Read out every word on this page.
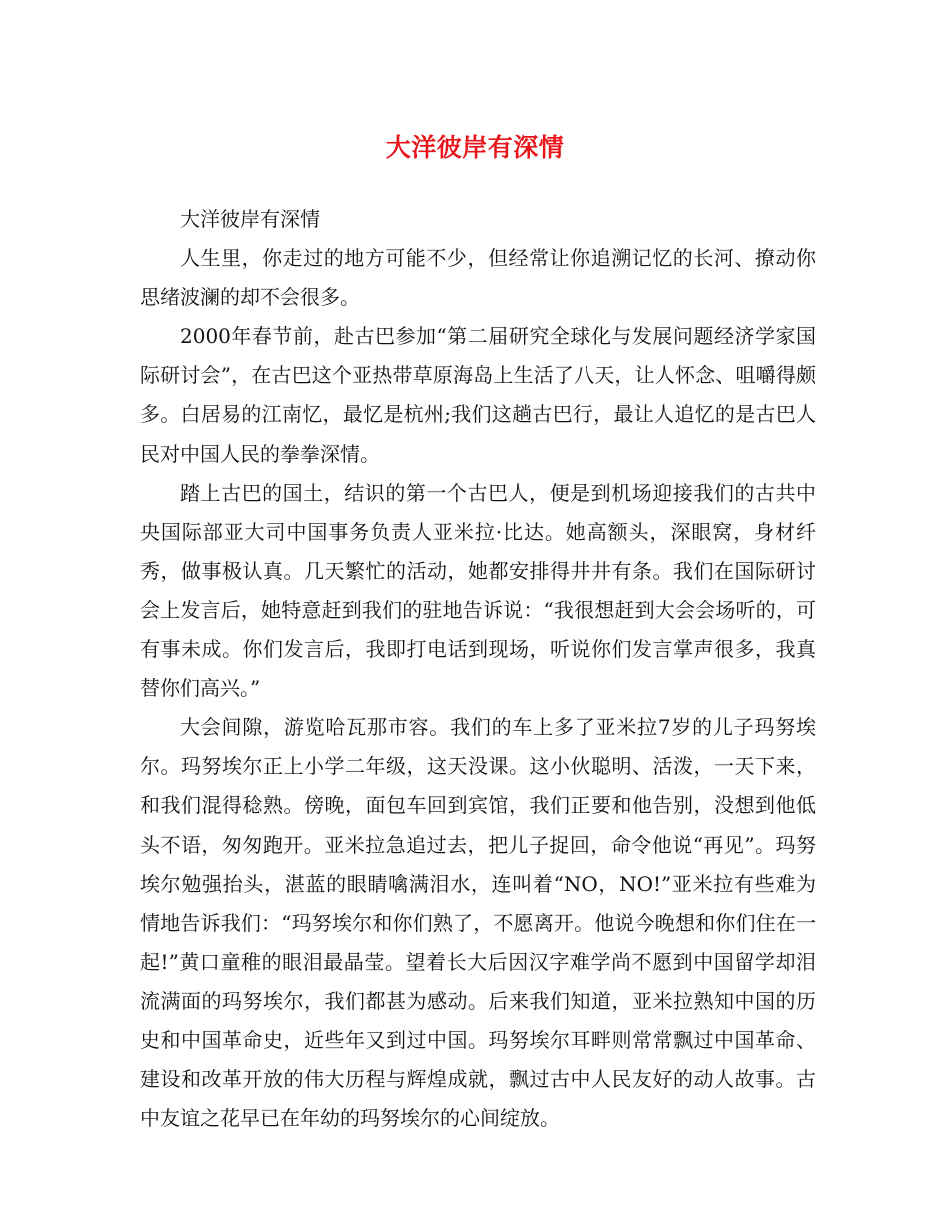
大洋彼岸有深情

大洋彼岸有深情

人生里，你走过的地方可能不少，但经常让你追溯记忆的长河、撩动你思绪波澜的却不会很多。

2000年春节前，赴古巴参加“第二届研究全球化与发展问题经济学家国际研讨会”，在古巴这个亚热带草原海岛上生活了八天，让人怀念、咀嚼得颇多。白居易的江南忆，最忆是杭州;我们这趟古巴行，最让人追忆的是古巴人民对中国人民的拳拳深情。

踏上古巴的国土，结识的第一个古巴人，便是到机场迎接我们的古共中央国际部亚大司中国事务负责人亚米拉·比达。她高额头，深眼窝，身材纤秀，做事极认真。几天繁忙的活动，她都安排得井井有条。我们在国际研讨会上发言后，她特意赶到我们的驻地告诉说：“我很想赶到大会会场听的，可有事未成。你们发言后，我即打电话到现场，听说你们发言掌声很多，我真替你们高兴。”

大会间隙，游览哈瓦那市容。我们的车上多了亚米拉7岁的儿子玛努埃尔。玛努埃尔正上小学二年级，这天没课。这小伙聪明、活泼，一天下来，和我们混得稔熟。傍晚，面包车回到宾馆，我们正要和他告别，没想到他低头不语，匆匆跑开。亚米拉急追过去，把儿子捉回，命令他说“再见”。玛努埃尔勉强抬头，湛蓝的眼睛噙满泪水，连叫着“NO，NO!”亚米拉有些难为情地告诉我们：“玛努埃尔和你们熟了，不愿离开。他说今晚想和你们住在一起!”黄口童稚的眼泪最晶莹。望着长大后因汉字难学尚不愿到中国留学却泪流满面的玛努埃尔，我们都甚为感动。后来我们知道，亚米拉熟知中国的历史和中国革命史，近些年又到过中国。玛努埃尔耳畔则常常飘过中国革命、建设和改革开放的伟大历程与辉煌成就，飘过古中人民友好的动人故事。古中友谊之花早已在年幼的玛努埃尔的心间绽放。
